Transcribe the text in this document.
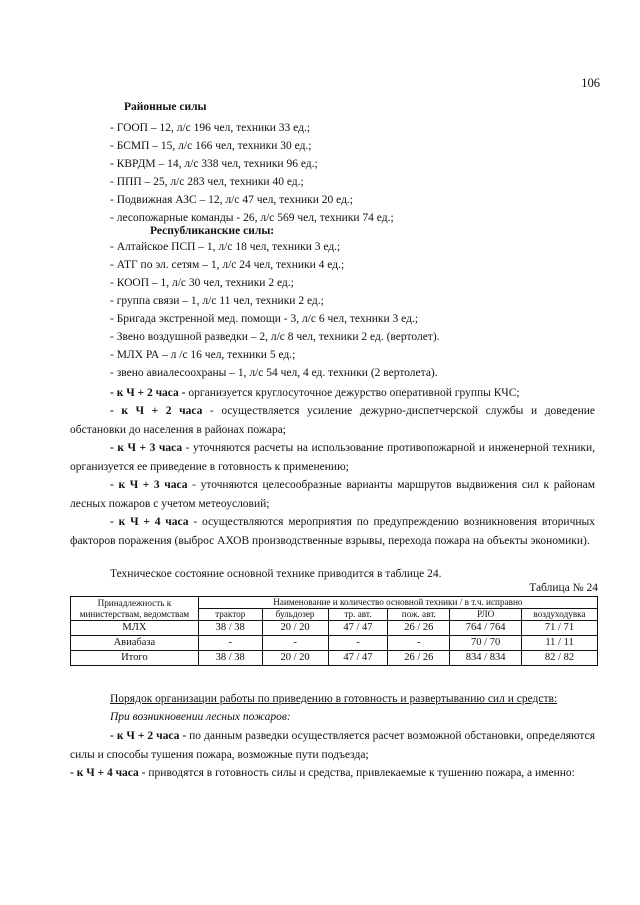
106
Районные силы
- ГООП – 12, л/с 196 чел, техники 33 ед.;
- БСМП – 15, л/с 166 чел, техники 30 ед.;
- КВРДМ – 14, л/с 338 чел, техники 96 ед.;
- ППП – 25, л/с 283 чел, техники 40 ед.;
- Подвижная АЗС – 12, л/с 47 чел, техники 20 ед.;
- лесопожарные команды - 26, л/с 569 чел, техники 74 ед.;
Республиканские силы:
- Алтайское ПСП – 1, л/с 18 чел, техники 3 ед.;
- АТГ по эл. сетям – 1, л/с 24 чел, техники 4 ед.;
- КООП – 1, л/с 30 чел, техники 2 ед.;
- группа связи – 1, л/с 11 чел, техники 2 ед.;
- Бригада экстренной мед. помощи - 3, л/с 6 чел, техники 3 ед.;
- Звено воздушной разведки – 2, л/с 8 чел, техники 2 ед. (вертолет).
- МЛХ РА – л /с 16 чел, техники 5 ед.;
- звено авиалесоохраны – 1, л/с 54 чел, 4 ед. техники (2 вертолета).

- к Ч + 2 часа - организуется круглосуточное дежурство оперативной группы КЧС;

- к Ч + 2 часа - осуществляется усиление дежурно-диспетчерской службы и доведение обстановки до населения в районах пожара;

- к Ч + 3 часа - уточняются расчеты на использование противопожарной и инженерной техники, организуется ее приведение в готовность к применению;

- к Ч + 3 часа - уточняются целесообразные варианты маршрутов выдвижения сил к районам лесных пожаров с учетом метеоусловий;

- к Ч + 4 часа - осуществляются мероприятия по предупреждению возникновения вторичных факторов поражения (выброс АХОВ производственные взрывы, перехода пожара на объекты экономики).

Техническое состояние основной технике приводится в таблице 24.
Таблица № 24
Принадлежность к министерствам, ведомствам	Наименование и количество основной техники / в т.ч. исправно					
	трактор	бульдозер	тр. авт.	пож. авт.	РЛО	воздуходувка
МЛХ	38 / 38	20 / 20	47 / 47	26 / 26	764 / 764	71 / 71
Авиабаза	-	-	-	-	70 / 70	11 / 11
Итого	38 / 38	20 / 20	47 / 47	26 / 26	834 / 834	82 / 82
Порядок организации работы по приведению в готовность и развертыванию сил и средств:
При возникновении лесных пожаров:

- к Ч + 2 часа - по данным разведки осуществляется расчет возможной обстановки, определяются силы и способы тушения пожара, возможные пути подъезда;

- к Ч + 4 часа - приводятся в готовность силы и средства, привлекаемые к тушению пожара, а именно:
